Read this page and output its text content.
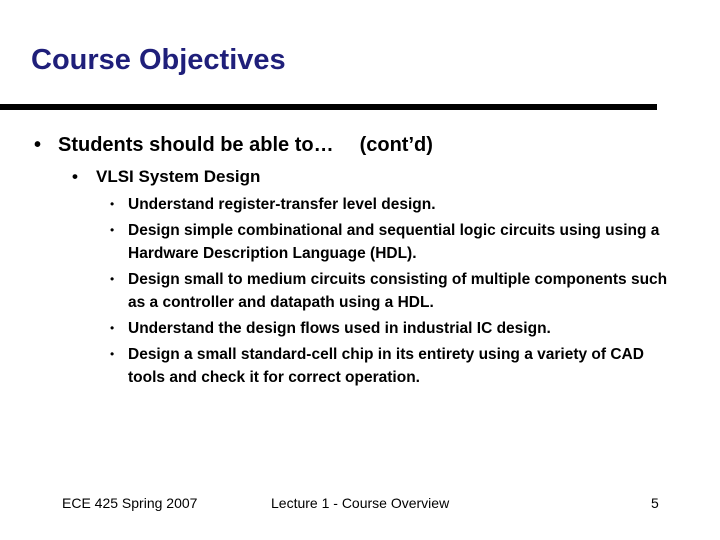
Course Objectives
• Students should be able to… (cont’d)
• VLSI System Design
• Understand register-transfer level design.
• Design simple combinational and sequential logic circuits using using a Hardware Description Language (HDL).
• Design small to medium circuits consisting of multiple components such as a controller and datapath using a HDL.
• Understand the design flows used in industrial IC design.
• Design a small standard-cell chip in its entirety using a variety of CAD tools and check it for correct operation.
ECE 425 Spring 2007	Lecture 1 - Course Overview	5
